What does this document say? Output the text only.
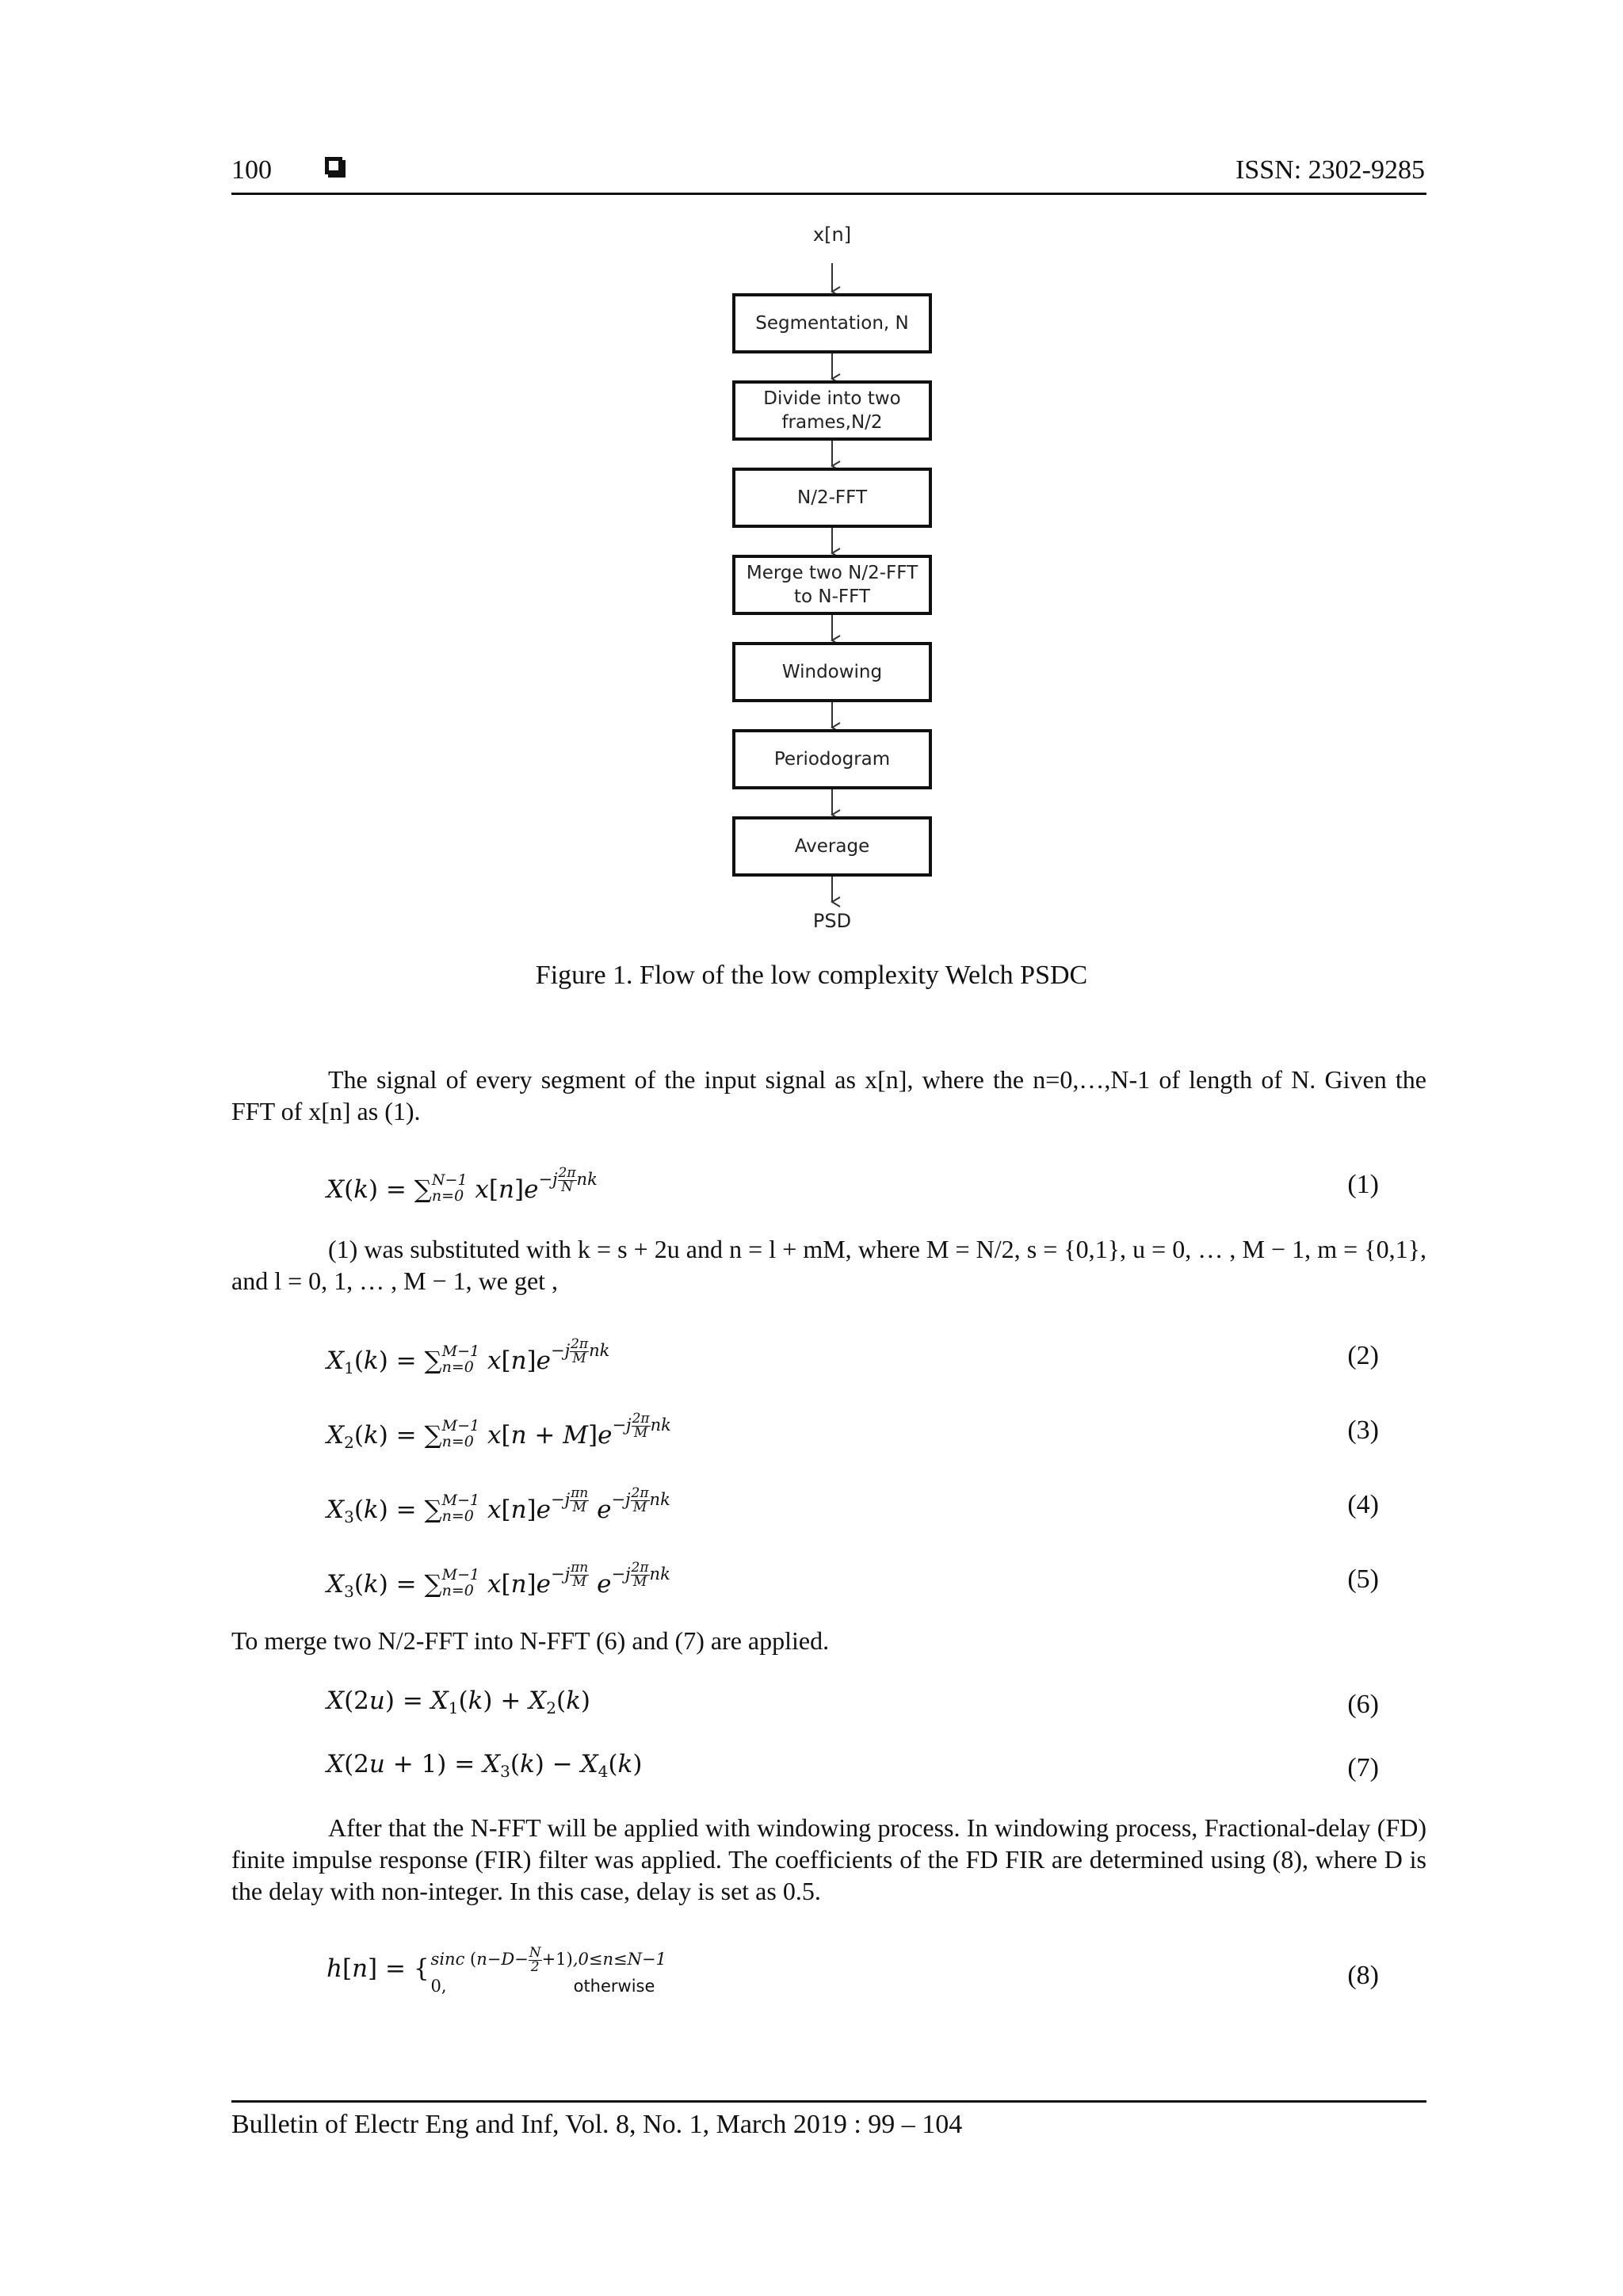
100	ISSN: 2302-9285
x[n]
Segmentation, N
Divide into two frames,N/2
N/2-FFT
Merge two N/2-FFT to N-FFT
Windowing
Periodogram
Average
PSD
Figure 1. Flow of the low complexity Welch PSDC
The signal of every segment of the input signal as x[n], where the n=0,…,N-1 of length of N. Given the FFT of x[n] as (1).
X(k) = ∑N−1
n=0 $x[n]e^{-j \frac{2\pi}{N} nk}$	(1)
(1) was substituted with k = s + 2u and n = l + mM, where M = N/2, s = {0,1}, u = 0, … , M − 1, m = {0,1}, and l = 0, 1, … , M − 1, we get ,
$X_1(k) = \sum M-1$
n=0 $x[n]e^{-j \frac{2\pi}{M} nk}$	(2)
$X_2(k) = \sum M-1$
n=0 $x[n + M]e^{-j \frac{2\pi}{M} nk}$	(3)
$X_3(k) = \sum M-1$
n=0 $x[n]e^{-j \frac{\pi n}{M}}$ $e^{-j \frac{2\pi}{M} nk}$	(4)
$X_3(k) = \sum M-1$
n=0 $x[n]e^{-j \frac{\pi n}{M}}$ $e^{-j \frac{2\pi}{M} nk}$	(5)
To merge two N/2-FFT into N-FFT (6) and (7) are applied.
$X(2u) = X_1(k) + X_2(k)$	(6)
$X(2u + 1) = X_3(k) - X_4(k)$	(7)
After that the N-FFT will be applied with windowing process. In windowing process, Fractional-delay (FD) finite impulse response (FIR) filter was applied. The coefficients of the FD FIR are determined using (8), where D is the delay with non-integer. In this case, delay is set as 0.5.
h[n] = { sinc $(n-D- \frac{N}{2} +1),0\le n\le N-1$
0,	otherwise	(8)
Bulletin of Electr Eng and Inf, Vol. 8, No. 1, March 2019 : 99 – 104
